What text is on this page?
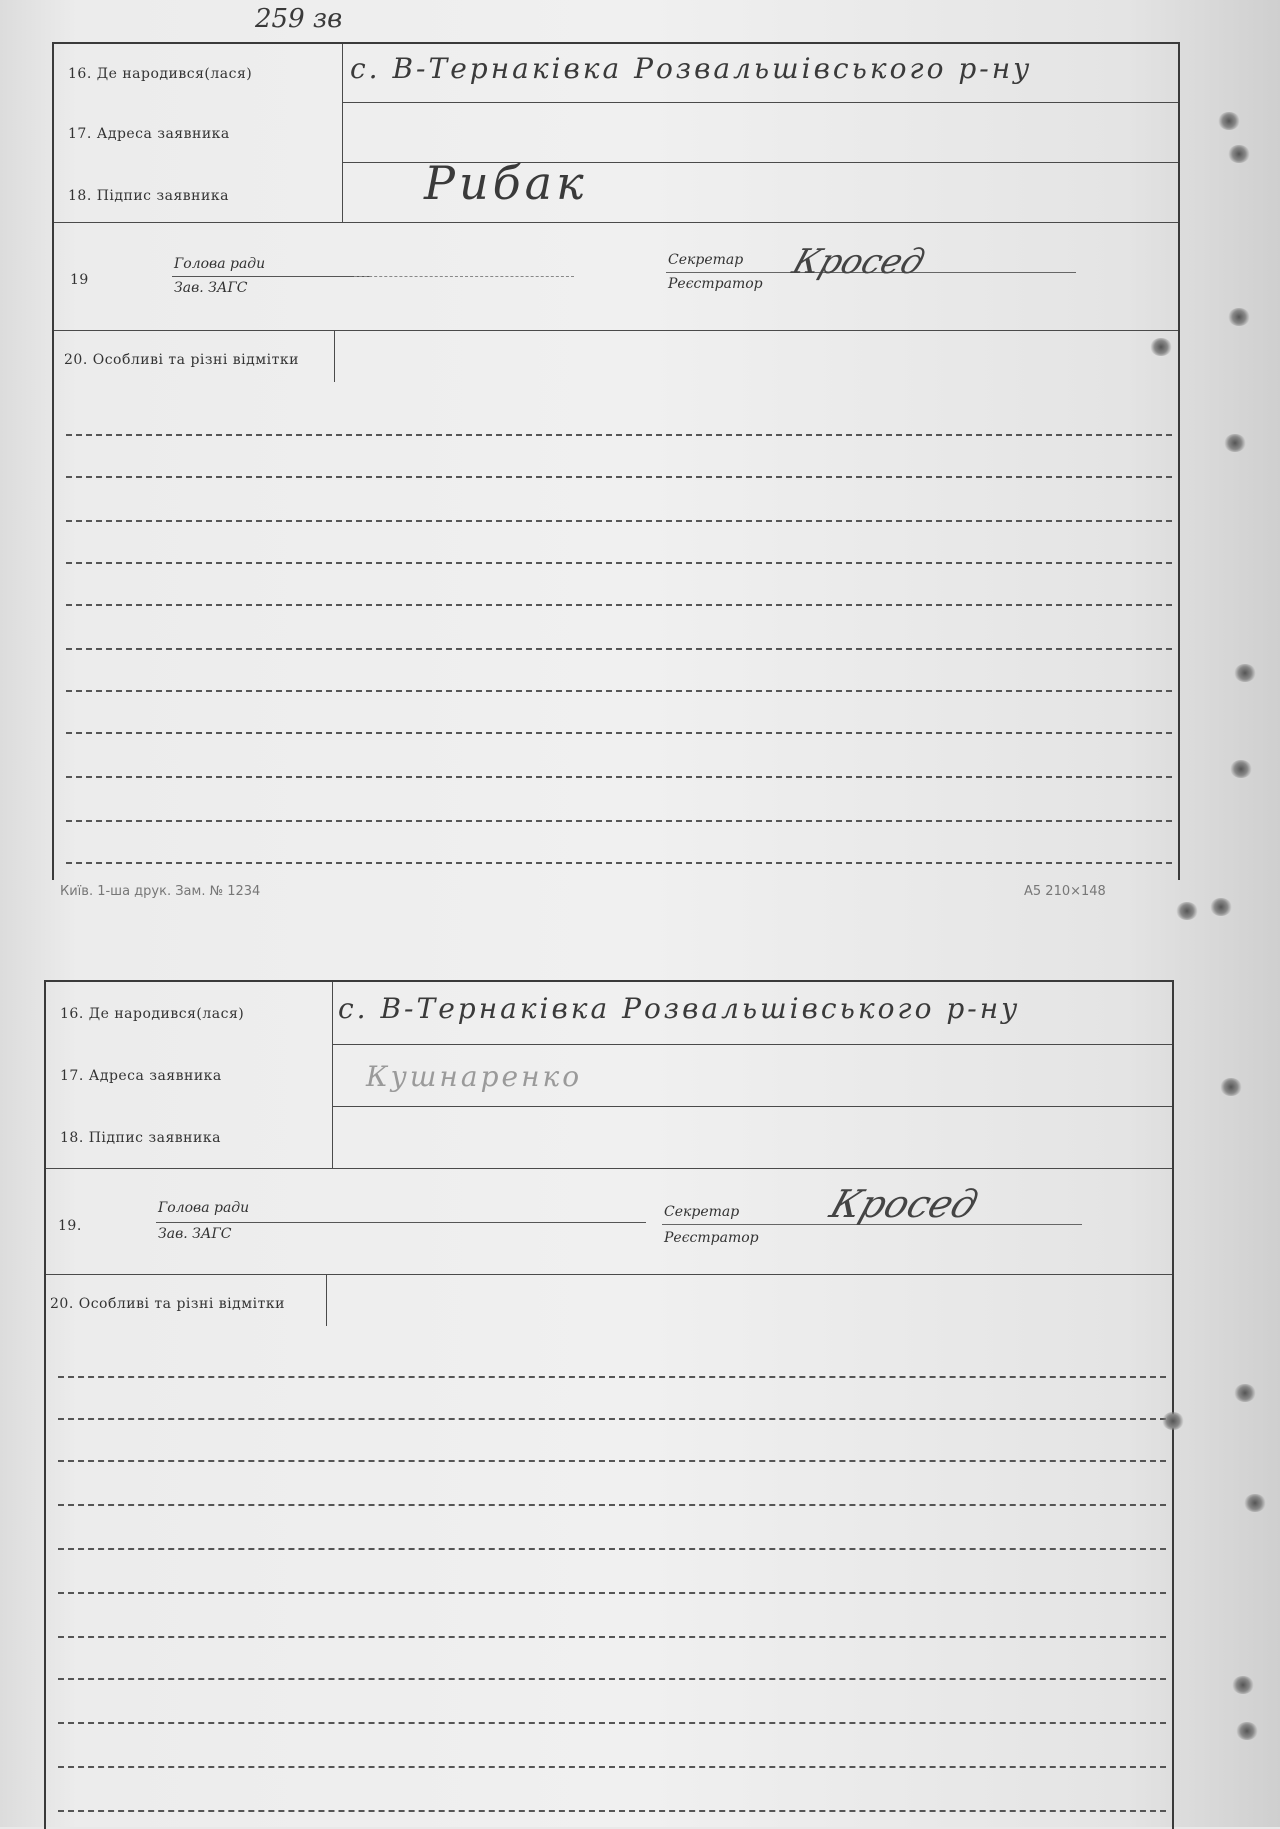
259 зв
16. Де народився(лася)
17. Адреса заявника
18. Підпис заявника
19
Голова ради
Зав. ЗАГС
Секретар
Реєстратор
20. Особливі та різні відмітки
с. В-Тернаківка Розвальшівського р-ну
Рибак
Кросед
Київ. 1-ша друк. Зам. № 1234	А5 210×148
16. Де народився(лася)
17. Адреса заявника
18. Підпис заявника
19.
Голова ради
Зав. ЗАГС
Секретар
Реєстратор
20. Особливі та різні відмітки
с. В-Тернаківка Розвальшівського р-ну
Кушнаренко
Кросед
